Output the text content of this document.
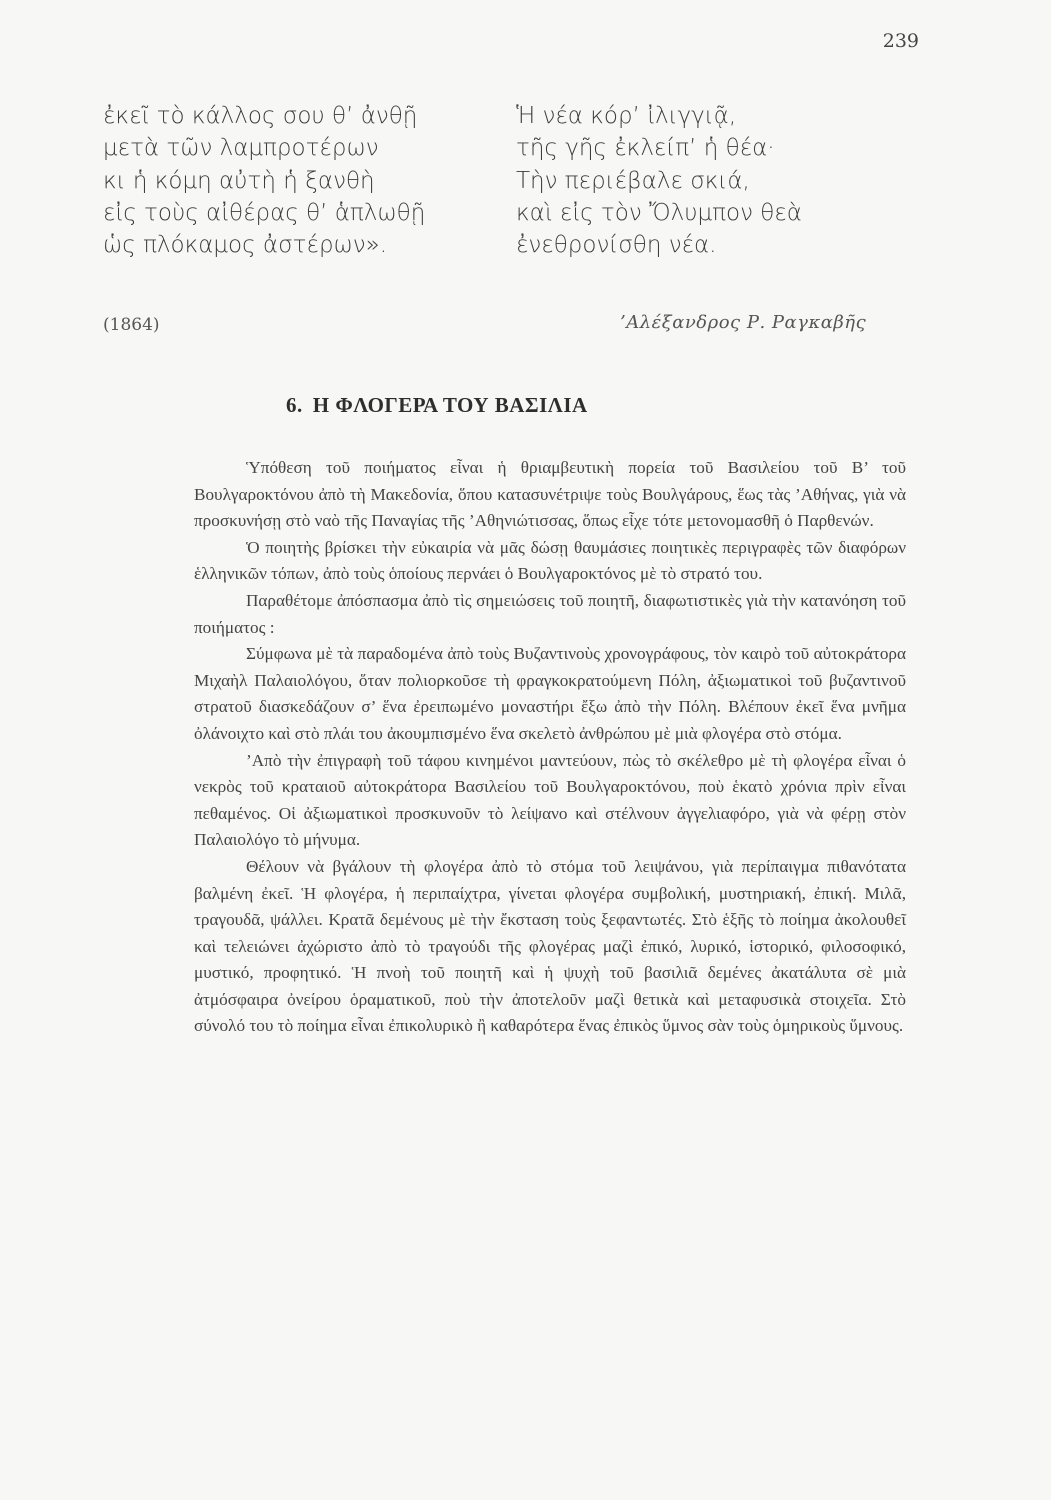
239
ἐκεῖ τὸ κάλλος σου θ’ ἀνθῇ
μετὰ τῶν λαμπροτέρων
κι ἡ κόμη αὐτὴ ἡ ξανθὴ
εἰς τοὺς αἰθέρας θ’ ἁπλωθῇ
ὡς πλόκαμος ἀστέρων».
Ἡ νέα κόρ’ ἰλιγγιᾷ,
τῆς γῆς ἐκλείπ’ ἡ θέα·
Τὴν περιέβαλε σκιά,
καὶ εἰς τὸν Ὄλυμπον θεὰ
ἐνεθρονίσθη νέα.
(1864)	’Αλέξανδρος Ρ. Ραγκαβῆς
6. Η ΦΛΟΓΕΡΑ ΤΟΥ ΒΑΣΙΛΙΑ

Ὑπόθεση τοῦ ποιήματος εἶναι ἡ θριαμβευτικὴ πορεία τοῦ Βασιλείου τοῦ Β’ τοῦ Βουλγαροκτόνου ἀπὸ τὴ Μακεδονία, ὅπου κατασυνέτριψε τοὺς Βουλγάρους, ἕως τὰς ’Αθήνας, γιὰ νὰ προσκυνήσῃ στὸ ναὸ τῆς Παναγίας τῆς ’Αθηνιώτισσας, ὅπως εἶχε τότε μετονομασθῆ ὁ Παρθενών.

Ὁ ποιητὴς βρίσκει τὴν εὐκαιρία νὰ μᾶς δώσῃ θαυμάσιες ποιητικὲς περιγραφὲς τῶν διαφόρων ἑλληνικῶν τόπων, ἀπὸ τοὺς ὁποίους περνάει ὁ Βουλγαροκτόνος μὲ τὸ στρατό του.

Παραθέτομε ἀπόσπασμα ἀπὸ τὶς σημειώσεις τοῦ ποιητῆ, διαφωτιστικὲς γιὰ τὴν κατανόηση τοῦ ποιήματος :

Σύμφωνα μὲ τὰ παραδομένα ἀπὸ τοὺς Βυζαντινοὺς χρονογράφους, τὸν καιρὸ τοῦ αὐτοκράτορα Μιχαὴλ Παλαιολόγου, ὅταν πολιορκοῦσε τὴ φραγκοκρατούμενη Πόλη, ἀξιωματικοὶ τοῦ βυζαντινοῦ στρατοῦ διασκεδάζουν σ’ ἕνα ἐρειπωμένο μοναστήρι ἔξω ἀπὸ τὴν Πόλη. Βλέπουν ἐκεῖ ἕνα μνῆμα ὀλάνοιχτο καὶ στὸ πλάι του ἀκουμπισμένο ἕνα σκελετὸ ἀνθρώπου μὲ μιὰ φλογέρα στὸ στόμα.

’Απὸ τὴν ἐπιγραφὴ τοῦ τάφου κινημένοι μαντεύουν, πὼς τὸ σκέλεθρο μὲ τὴ φλογέρα εἶναι ὁ νεκρὸς τοῦ κραταιοῦ αὐτοκράτορα Βασιλείου τοῦ Βουλγαροκτόνου, ποὺ ἑκατὸ χρόνια πρὶν εἶναι πεθαμένος. Οἱ ἀξιωματικοὶ προσκυνοῦν τὸ λείψανο καὶ στέλνουν ἀγγελιαφόρο, γιὰ νὰ φέρῃ στὸν Παλαιολόγο τὸ μήνυμα.

Θέλουν νὰ βγάλουν τὴ φλογέρα ἀπὸ τὸ στόμα τοῦ λειψάνου, γιὰ περίπαιγμα πιθανότατα βαλμένη ἐκεῖ. Ἡ φλογέρα, ἡ περιπαίχτρα, γίνεται φλογέρα συμβολική, μυστηριακή, ἐπική. Μιλᾶ, τραγουδᾶ, ψάλλει. Κρατᾶ δεμένους μὲ τὴν ἔκσταση τοὺς ξεφαντωτές. Στὸ ἑξῆς τὸ ποίημα ἀκολουθεῖ καὶ τελειώνει ἀχώριστο ἀπὸ τὸ τραγούδι τῆς φλογέρας μαζὶ ἐπικό, λυρικό, ἱστορικό, φιλοσοφικό, μυστικό, προφητικό. Ἡ πνοὴ τοῦ ποιητῆ καὶ ἡ ψυχὴ τοῦ βασιλιᾶ δεμένες ἀκατάλυτα σὲ μιὰ ἀτμόσφαιρα ὀνείρου ὁραματικοῦ, ποὺ τὴν ἀποτελοῦν μαζὶ θετικὰ καὶ μεταφυσικὰ στοιχεῖα. Στὸ σύνολό του τὸ ποίημα εἶναι ἐπικολυρικὸ ἢ καθαρότερα ἕνας ἐπικὸς ὕμνος σὰν τοὺς ὁμηρικοὺς ὕμνους.
